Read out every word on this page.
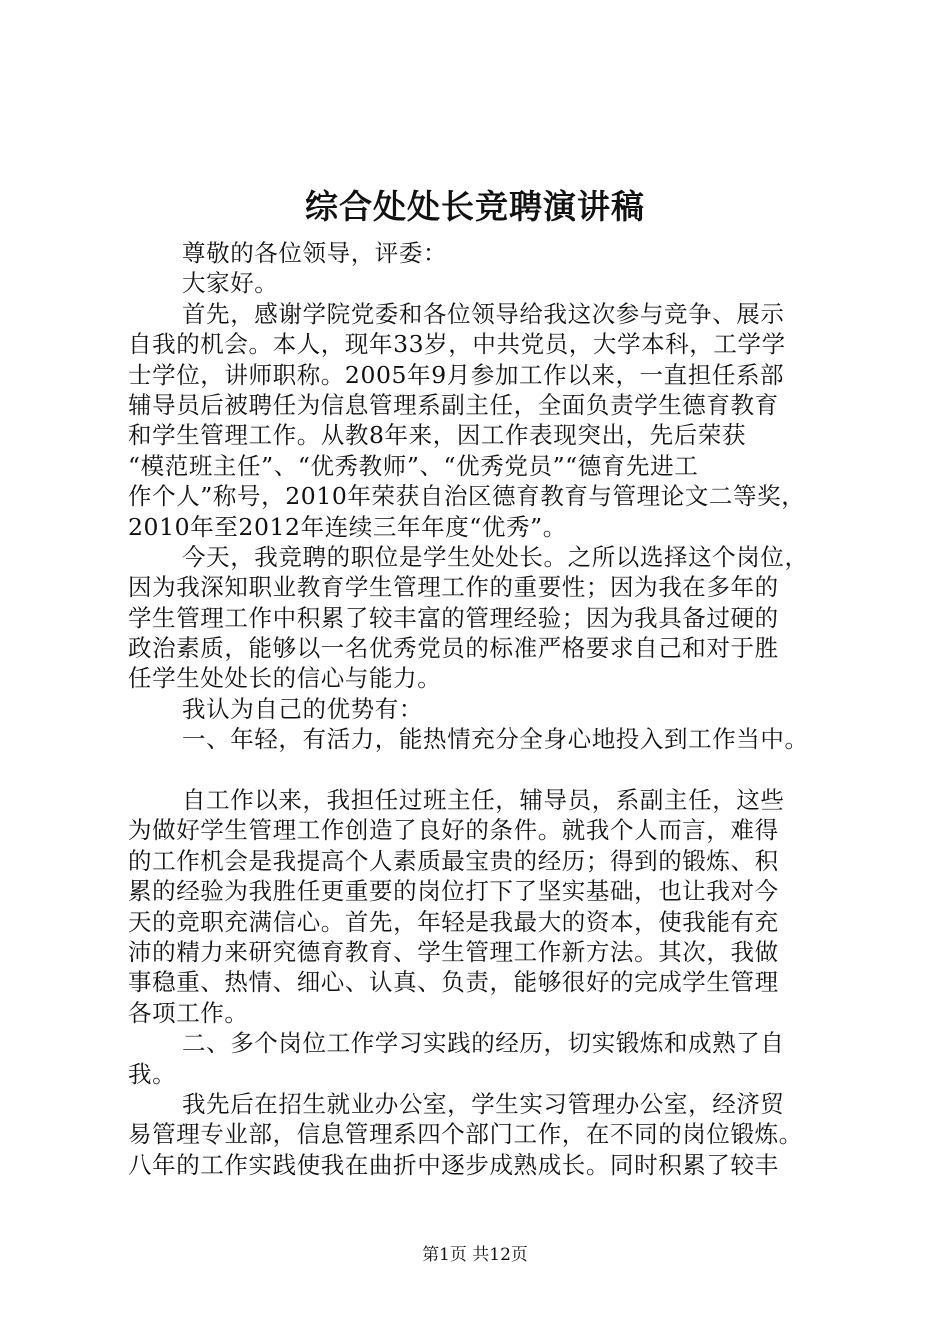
综合处处长竞聘演讲稿
尊敬的各位领导，评委：
大家好。
首先，感谢学院党委和各位领导给我这次参与竞争、展示
自我的机会。本人，现年33岁，中共党员，大学本科，工学学
士学位，讲师职称。2005年9月参加工作以来，一直担任系部
辅导员后被聘任为信息管理系副主任，全面负责学生德育教育
和学生管理工作。从教8年来，因工作表现突出，先后荣获
“模范班主任”、“优秀教师”、“优秀党员”“德育先进工
作个人”称号，2010年荣获自治区德育教育与管理论文二等奖，
2010年至2012年连续三年年度“优秀”。
今天，我竞聘的职位是学生处处长。之所以选择这个岗位，
因为我深知职业教育学生管理工作的重要性；因为我在多年的
学生管理工作中积累了较丰富的管理经验；因为我具备过硬的
政治素质，能够以一名优秀党员的标准严格要求自己和对于胜
任学生处处长的信心与能力。
我认为自己的优势有：
一、年轻，有活力，能热情充分全身心地投入到工作当中。
自工作以来，我担任过班主任，辅导员，系副主任，这些
为做好学生管理工作创造了良好的条件。就我个人而言，难得
的工作机会是我提高个人素质最宝贵的经历；得到的锻炼、积
累的经验为我胜任更重要的岗位打下了坚实基础，也让我对今
天的竞职充满信心。首先，年轻是我最大的资本，使我能有充
沛的精力来研究德育教育、学生管理工作新方法。其次，我做
事稳重、热情、细心、认真、负责，能够很好的完成学生管理
各项工作。
二、多个岗位工作学习实践的经历，切实锻炼和成熟了自
我。
我先后在招生就业办公室，学生实习管理办公室，经济贸
易管理专业部，信息管理系四个部门工作，在不同的岗位锻炼。
八年的工作实践使我在曲折中逐步成熟成长。同时积累了较丰
第1页 共12页
